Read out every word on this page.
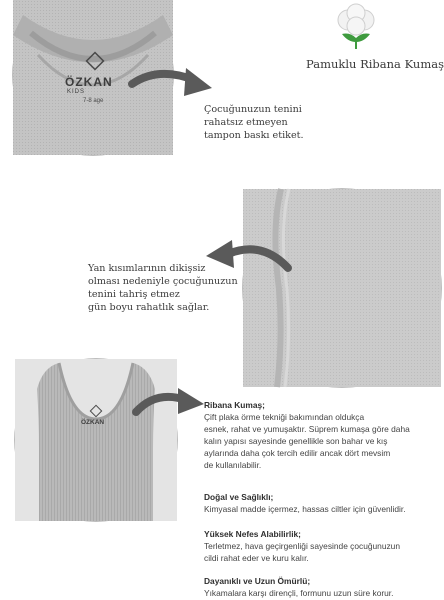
ÖZKAN
KIDS
7-8 age
Pamuklu Ribana Kumaş
Çocuğunuzun tenini
rahatsız etmeyen
tampon baskı etiket.
Yan kısımlarının dikişsiz
olması nedeniyle çocuğunuzun
tenini tahriş etmez
gün boyu rahatlık sağlar.
ÖZKAN
Ribana Kumaş;
Çift plaka örme tekniği bakımından oldukça
esnek, rahat ve yumuşaktır. Süprem kumaşa göre daha
kalın yapısı sayesinde genellikle son bahar ve kış
aylarında daha çok tercih edilir ancak dört mevsim
de kullanılabilir.
Doğal ve Sağlıklı;
Kimyasal madde içermez, hassas ciltler için güvenlidir.
Yüksek Nefes Alabilirlik;
Terletmez, hava geçirgenliği sayesinde çocuğunuzun
cildi rahat eder ve kuru kalır.
Dayanıklı ve Uzun Ömürlü;
Yıkamalara karşı dirençli, formunu uzun süre korur.
